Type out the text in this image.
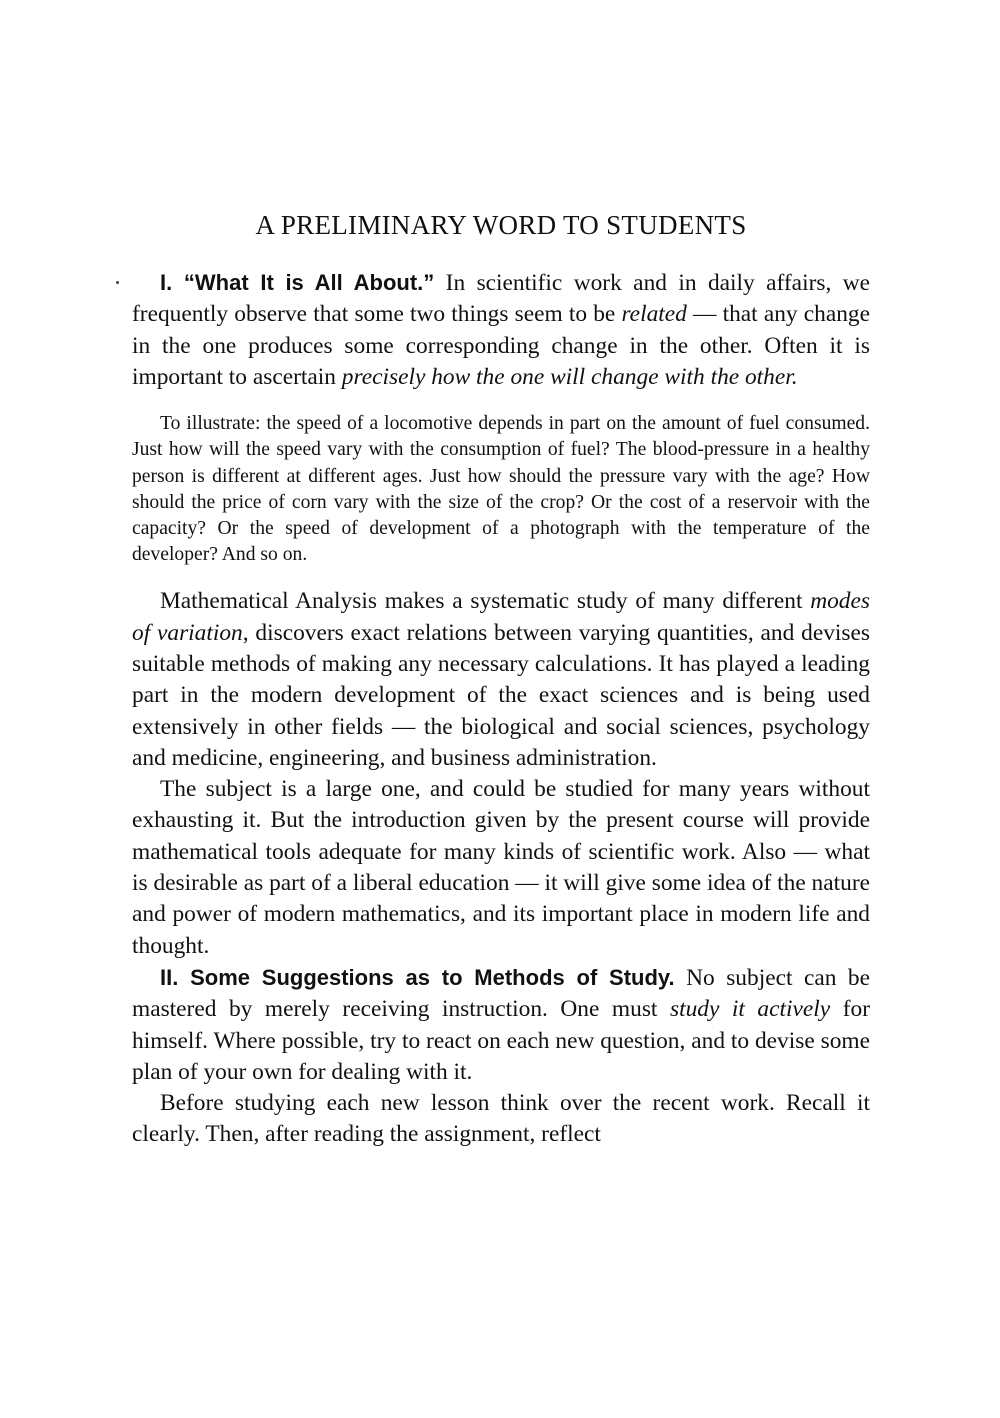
A PRELIMINARY WORD TO STUDENTS

I. “What It is All About.” In scientific work and in daily affairs, we frequently observe that some two things seem to be related — that any change in the one produces some corresponding change in the other. Often it is important to ascertain precisely how the one will change with the other.

To illustrate: the speed of a locomotive depends in part on the amount of fuel consumed. Just how will the speed vary with the consumption of fuel? The blood-pressure in a healthy person is different at different ages. Just how should the pressure vary with the age? How should the price of corn vary with the size of the crop? Or the cost of a reservoir with the capacity? Or the speed of development of a photograph with the temperature of the developer? And so on.

Mathematical Analysis makes a systematic study of many different modes of variation, discovers exact relations between varying quantities, and devises suitable methods of making any necessary calculations. It has played a leading part in the modern development of the exact sciences and is being used extensively in other fields — the biological and social sciences, psychology and medicine, engineering, and business administration.

The subject is a large one, and could be studied for many years without exhausting it. But the introduction given by the present course will provide mathematical tools adequate for many kinds of scientific work. Also — what is desirable as part of a liberal education — it will give some idea of the nature and power of modern mathematics, and its important place in modern life and thought.

II. Some Suggestions as to Methods of Study. No subject can be mastered by merely receiving instruction. One must study it actively for himself. Where possible, try to react on each new question, and to devise some plan of your own for dealing with it.

Before studying each new lesson think over the recent work. Recall it clearly. Then, after reading the assignment, reflect
